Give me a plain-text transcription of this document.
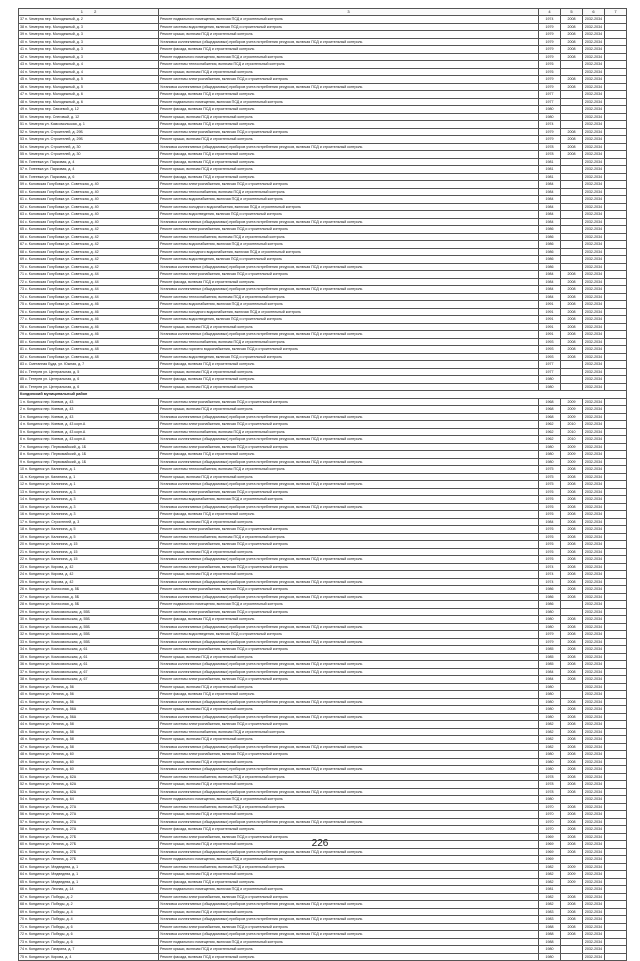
1 2	3	4	5	6	7
37 п. Чемерна пер. Молодежный, д. 2	Ремонт подвального помещения, включая ПСД и строительный контроль	1974	2008	2032-2034	
38 п. Чемерна пер. Молодежный, д. 3	Ремонт системы водоотведения, включая ПСД и строительный контроль	1979	2008	2032-2034	
39 п. Чемерна пер. Молодежный, д. 3	Ремонт крыши, включая ПСД и строительный контроль	1979	2008	2032-2034	
40 п. Чемерна пер. Молодежный, д. 3	Установка коллективных (общедомовых) приборов учета потребления ресурсов, включая ПСД и строительный контроль	1979	2008	2032-2034	
41 п. Чемерна пер. Молодежный, д. 3	Ремонт фасада, включая ПСД и строительный контроль	1979	2008	2032-2034	
42 п. Чемерна пер. Молодежный, д. 3	Ремонт подвального помещения, включая ПСД и строительный контроль	1979	2008	2032-2034	
43 п. Чемерна пер. Молодежный, д. 4	Ремонт системы теплоснабжения, включая ПСД и строительный контроль	1976		2032-2034	
44 п. Чемерна пер. Молодежный, д. 4	Ремонт крыши, включая ПСД и строительный контроль	1976		2032-2034	
45 п. Чемерна пер. Молодежный, д. 5	Ремонт системы электроснабжения, включая ПСД и строительный контроль	1979	2008	2032-2034	
46 п. Чемерна пер. Молодежный, д. 5	Установка коллективных (общедомовых) приборов учета потребления ресурсов, включая ПСД и строительный контроль	1979	2008	2032-2034	
47 п. Чемерна пер. Молодежный, д. 6	Ремонт фасада, включая ПСД и строительный контроль	1977		2032-2034	
48 п. Чемерна пер. Молодежный, д. 6	Ремонт подвального помещения, включая ПСД и строительный контроль	1977		2032-2034	
49 п. Чемерна пер. Связевой, д. 12	Ремонт фасада, включая ПСД и строительный контроль	1980		2032-2034	
50 п. Чемерна пер. Снеговый, д. 12	Ремонт крыши, включая ПСД и строительный контроль	1980		2032-2034	
51 п. Чемерна ул. Комсомольская, д. 1	Ремонт фасада, включая ПСД и строительный контроль	1974		2032-2034	
52 п. Чемерна ул. Строителей, д. 29Б	Ремонт системы электроснабжения, включая ПСД и строительный контроль	1979	2008	2032-2034	
53 п. Чемерна ул. Строителей, д. 29Б	Ремонт крыши, включая ПСД и строительный контроль	1979	2008	2032-2034	
54 п. Чемерна ул. Строителей, д. 30	Установка коллективных (общедомовых) приборов учета потребления ресурсов, включая ПСД и строительный контроль	1978	2008	2032-2034	
55 п. Чемерна ул. Строителей, д. 30	Ремонт фасада, включая ПСД и строительный контроль	1978	2008	2032-2034	
56 п. Гигеевка ул. Парковая, д. 4	Ремонт фасада, включая ПСД и строительный контроль	1981		2032-2034	
57 п. Гигеевка ул. Парковая, д. 4	Ремонт крыши, включая ПСД и строительный контроль	1981		2032-2034	
58 п. Гигеевка ул. Парковая, д. 6	Ремонт фасада, включая ПСД и строительный контроль	1981		2032-2034	
59 с. Коловская Голубовка ул. Советская, д. 40	Ремонт системы электроснабжения, включая ПСД и строительный контроль	1984		2032-2034	
60 с. Коловская Голубовка ул. Советская, д. 40	Ремонт системы теплоснабжения, включая ПСД и строительный контроль	1984		2032-2034	
61 с. Коловская Голубовка ул. Советская, д. 40	Ремонт системы водоснабжения, включая ПСД и строительный контроль	1984		2032-2034	
62 с. Коловская Голубовка ул. Советская, д. 40	Ремонт системы холодного водоснабжения, включая ПСД и строительный контроль	1984		2032-2034	
63 с. Коловская Голубовка ул. Советская, д. 40	Ремонт системы водоотведения, включая ПСД и строительный контроль	1984		2032-2034	
64 с. Коловская Голубовка ул. Советская, д. 40	Установка коллективных (общедомовых) приборов учета потребления ресурсов, включая ПСД и строительный контроль	1984		2032-2034	
65 с. Коловская Голубовка ул. Советская, д. 42	Ремонт системы электроснабжения, включая ПСД и строительный контроль	1986		2032-2034	
66 с. Коловская Голубовка ул. Советская, д. 42	Ремонт системы теплоснабжения, включая ПСД и строительный контроль	1986		2032-2034	
67 с. Коловская Голубовка ул. Советская, д. 42	Ремонт системы водоснабжения, включая ПСД и строительный контроль	1986		2032-2034	
68 с. Коловская Голубовка ул. Советская, д. 42	Ремонт системы холодного водоснабжения, включая ПСД и строительный контроль	1986		2032-2034	
69 с. Коловская Голубовка ул. Советская, д. 42	Ремонт системы водоотведения, включая ПСД и строительный контроль	1986		2032-2034	
70 с. Коловская Голубовка ул. Советская, д. 42	Установка коллективных (общедомовых) приборов учета потребления ресурсов, включая ПСД и строительный контроль	1986		2032-2034	
71 с. Коловская Голубовка ул. Советская, д. 44	Ремонт системы электроснабжения, включая ПСД и строительный контроль	1984	2008	2032-2034	
72 с. Коловская Голубовка ул. Советская, д. 44	Ремонт фасада, включая ПСД и строительный контроль	1984	2008	2032-2034	
73 с. Коловская Голубовка ул. Советская, д. 44	Установка коллективных (общедомовых) приборов учета потребления ресурсов, включая ПСД и строительный контроль	1984	2008	2032-2034	
74 с. Коловская Голубовка ул. Советская, д. 44	Ремонт системы теплоснабжения, включая ПСД и строительный контроль	1984	2008	2032-2034	
75 с. Коловская Голубовка ул. Советская, д. 46	Ремонт системы водоснабжения, включая ПСД и строительный контроль	1991	2008	2032-2034	
76 с. Коловская Голубовка ул. Советская, д. 46	Ремонт системы холодного водоснабжения, включая ПСД и строительный контроль	1991	2008	2032-2034	
77 с. Коловская Голубовка ул. Советская, д. 46	Ремонт системы водоотведения, включая ПСД и строительный контроль	1991	2008	2032-2034	
78 с. Коловская Голубовка ул. Советская, д. 46	Ремонт крыши, включая ПСД и строительный контроль	1991	2008	2032-2034	
79 с. Коловская Голубовка ул. Советская, д. 46	Установка коллективных (общедомовых) приборов учета потребления ресурсов, включая ПСД и строительный контроль	1991	2008	2032-2034	
80 с. Коловская Голубовка ул. Советская, д. 48	Ремонт системы теплоснабжения, включая ПСД и строительный контроль	1993	2008	2032-2034	
81 с. Коловская Голубовка ул. Советская, д. 48	Ремонт системы горячего водоснабжения, включая ПСД и строительный контроль	1993	2008	2032-2034	
82 с. Коловская Голубовка ул. Советская, д. 48	Ремонт системы водоотведения, включая ПСД и строительный контроль	1993	2008	2032-2034	
83 с. Сметанная Буда, ул. Южная, д. 7	Ремонт фасада, включая ПСД и строительный контроль	1977		2032-2034	
84 с. Тетерев ул. Центральная, д. 5	Ремонт крыши, включая ПСД и строительный контроль	1977		2032-2034	
85 с. Тетерев ул. Центральная, д. 6	Ремонт фасада, включая ПСД и строительный контроль	1980		2032-2034	
86 с. Тетерев ул. Центральная, д. 6	Ремонт крыши, включая ПСД и строительный контроль	1980		2032-2034	
Кондинский муниципальный район					
1 п. Кондинск пер. Киевов, д. 43	Ремонт системы электроснабжения, включая ПСД и строительный контроль	1968	2009	2032-2034	
2 п. Кондинск пер. Киевов, д. 43	Ремонт крыши, включая ПСД и строительный контроль	1968	2009	2032-2034	
3 п. Кондинск пер. Киевов, д. 43	Установка коллективных (общедомовых) приборов учета потребления ресурсов, включая ПСД и строительный контроль	1968	2009	2032-2034	
4 п. Кондинск пер. Киевов, д. 43 корп.А	Ремонт системы электроснабжения, включая ПСД и строительный контроль	1962	2010	2032-2034	
5 п. Кондинск пер. Киевов, д. 43 корп.А	Ремонт системы теплоснабжения, включая ПСД и строительный контроль	1962	2010	2032-2034	
6 п. Кондинск пер. Киевов, д. 43 корп.А	Установка коллективных (общедомовых) приборов учета потребления ресурсов, включая ПСД и строительный контроль	1962	2010	2032-2034	
7 п. Кондинск пер. Первомайский, д. 1Б	Ремонт системы электроснабжения, включая ПСД и строительный контроль	1980	2009	2032-2034	
8 п. Кондинск пер. Первомайский, д. 1Б	Ремонт фасада, включая ПСД и строительный контроль	1980	2009	2032-2034	
9 п. Кондинск пер. Первомайский, д. 1Б	Установка коллективных (общедомовых) приборов учета потребления ресурсов, включая ПСД и строительный контроль	1980	2009	2032-2034	
10 п. Кондинск ул. Калинина, д. 1	Ремонт системы теплоснабжения, включая ПСД и строительный контроль	1975	2008	2032-2034	
11 п. Кондинск ул. Калинина, д. 1	Ремонт крыши, включая ПСД и строительный контроль	1975	2008	2032-2034	
12 п. Кондинск ул. Калинина, д. 1	Установка коллективных (общедомовых) приборов учета потребления ресурсов, включая ПСД и строительный контроль	1975	2008	2032-2034	
13 п. Кондинск ул. Калинина, д. 3	Ремонт системы электроснабжения, включая ПСД и строительный контроль	1976	2008	2032-2034	
14 п. Кондинск ул. Калинина, д. 3	Ремонт системы водоснабжения, включая ПСД и строительный контроль	1976	2008	2032-2034	
15 п. Кондинск ул. Калинина, д. 3	Установка коллективных (общедомовых) приборов учета потребления ресурсов, включая ПСД и строительный контроль	1976	2008	2032-2034	
16 п. Кондинск ул. Калинина, д. 3	Ремонт фасада, включая ПСД и строительный контроль	1976	2008	2032-2034	
17 п. Кондинск ул. Строителей, д. 3	Ремонт крыши, включая ПСД и строительный контроль	1984	2008	2032-2034	
18 п. Кондинск ул. Калинина, д. 5	Ремонт системы электроснабжения, включая ПСД и строительный контроль	1976	2008	2032-2034	
19 п. Кондинск ул. Калинина, д. 5	Ремонт системы теплоснабжения, включая ПСД и строительный контроль	1976	2008	2032-2034	
20 п. Кондинск ул. Калинина, д. 15	Ремонт системы электроснабжения, включая ПСД и строительный контроль	1976	2008	2032-2034	
21 п. Кондинск ул. Калинина, д. 15	Ремонт крыши, включая ПСД и строительный контроль	1976	2008	2032-2034	
22 п. Кондинск ул. Калинина, д. 15	Установка коллективных (общедомовых) приборов учета потребления ресурсов, включая ПСД и строительный контроль	1976	2008	2032-2034	
23 п. Кондинск ул. Кирова, д. 42	Ремонт системы электроснабжения, включая ПСД и строительный контроль	1974	2008	2032-2034	
24 п. Кондинск ул. Кирова, д. 42	Ремонт крыши, включая ПСД и строительный контроль	1974	2008	2032-2034	
25 п. Кондинск ул. Кирова, д. 42	Установка коллективных (общедомовых) приборов учета потребления ресурсов, включая ПСД и строительный контроль	1974	2008	2032-2034	
26 п. Кондинск ул. Колхозная, д. 5Б	Ремонт системы электроснабжения, включая ПСД и строительный контроль	1986	2008	2032-2034	
27 п. Кондинск ул. Колхозная, д. 5Б	Установка коллективных (общедомовых) приборов учета потребления ресурсов, включая ПСД и строительный контроль	1986	2008	2032-2034	
28 п. Кондинск ул. Колхозная, д. 5Б	Ремонт подвального помещения, включая ПСД и строительный контроль	1986		2032-2034	
29 п. Кондинск ул. Комсомольская, д. 55Б	Ремонт системы электроснабжения, включая ПСД и строительный контроль	1980		2032-2034	
30 п. Кондинск ул. Комсомольская, д. 55Б	Ремонт фасада, включая ПСД и строительный контроль	1980	2008	2032-2034	
31 п. Кондинск ул. Комсомольская, д. 55Б	Установка коллективных (общедомовых) приборов учета потребления ресурсов, включая ПСД и строительный контроль	1980	2008	2032-2034	
32 п. Кондинск ул. Комсомольская, д. 55Б	Ремонт системы водоотведения, включая ПСД и строительный контроль	1979	2008	2032-2034	
33 п. Кондинск ул. Комсомольская, д. 55Б	Установка коллективных (общедомовых) приборов учета потребления ресурсов, включая ПСД и строительный контроль	1979	2008	2032-2034	
34 п. Кондинск ул. Комсомольская, д. 61	Ремонт системы электроснабжения, включая ПСД и строительный контроль	1985	2008	2032-2034	
35 п. Кондинск ул. Комсомольская, д. 61	Ремонт крыши, включая ПСД и строительный контроль	1985	2008	2032-2034	
36 п. Кондинск ул. Комсомольская, д. 61	Установка коллективных (общедомовых) приборов учета потребления ресурсов, включая ПСД и строительный контроль	1985	2008	2032-2034	
37 п. Кондинск ул. Комсомольская, д. 67	Установка коллективных (общедомовых) приборов учета потребления ресурсов, включая ПСД и строительный контроль	1984	2008	2032-2034	
38 п. Кондинск ул. Комсомольская, д. 67	Ремонт системы электроснабжения, включая ПСД и строительный контроль	1984	2008	2032-2034	
39 п. Кондинск ул. Ленина, д. 56	Ремонт крыши, включая ПСД и строительный контроль	1980		2032-2034	
40 п. Кондинск ул. Ленина, д. 56	Ремонт фасада, включая ПСД и строительный контроль	1980		2032-2034	
41 п. Кондинск ул. Ленина, д. 56	Установка коллективных (общедомовых) приборов учета потребления ресурсов, включая ПСД и строительный контроль	1980	2008	2032-2034	
42 п. Кондинск ул. Ленина, д. 56А	Ремонт крыши, включая ПСД и строительный контроль	1980	2008	2032-2034	
43 п. Кондинск ул. Ленина, д. 56А	Установка коллективных (общедомовых) приборов учета потребления ресурсов, включая ПСД и строительный контроль	1980	2008	2032-2034	
44 п. Кондинск ул. Ленина, д. 58	Ремонт системы электроснабжения, включая ПСД и строительный контроль	1982	2008	2032-2034	
45 п. Кондинск ул. Ленина, д. 58	Ремонт системы теплоснабжения, включая ПСД и строительный контроль	1982	2008	2032-2034	
46 п. Кондинск ул. Ленина, д. 58	Ремонт крыши, включая ПСД и строительный контроль	1982	2008	2032-2034	
47 п. Кондинск ул. Ленина, д. 58	Установка коллективных (общедомовых) приборов учета потребления ресурсов, включая ПСД и строительный контроль	1982	2008	2032-2034	
48 п. Кондинск ул. Ленина, д. 60	Ремонт системы электроснабжения, включая ПСД и строительный контроль	1980	2008	2032-2034	
49 п. Кондинск ул. Ленина, д. 60	Ремонт крыши, включая ПСД и строительный контроль	1980	2008	2032-2034	
50 п. Кондинск ул. Ленина, д. 60	Установка коллективных (общедомовых) приборов учета потребления ресурсов, включая ПСД и строительный контроль	1980	2008	2032-2034	
51 п. Кондинск ул. Ленина, д. 62А	Ремонт системы теплоснабжения, включая ПСД и строительный контроль	1978	2008	2032-2034	
52 п. Кондинск ул. Ленина, д. 62А	Ремонт крыши, включая ПСД и строительный контроль	1978	2008	2032-2034	
53 п. Кондинск ул. Ленина, д. 62А	Установка коллективных (общедомовых) приборов учета потребления ресурсов, включая ПСД и строительный контроль	1978	2008	2032-2034	
54 п. Кондинск ул. Ленина, д. 64	Ремонт подвального помещения, включая ПСД и строительный контроль	1980		2032-2034	
55 п. Кондинск ул. Ленина, д. 27А	Ремонт системы теплоснабжения, включая ПСД и строительный контроль	1970	2008	2032-2034	
56 п. Кондинск ул. Ленина, д. 27А	Ремонт крыши, включая ПСД и строительный контроль	1970	2008	2032-2034	
57 п. Кондинск ул. Ленина, д. 27А	Установка коллективных (общедомовых) приборов учета потребления ресурсов, включая ПСД и строительный контроль	1970	2008	2032-2034	
58 п. Кондинск ул. Ленина, д. 27А	Ремонт фасада, включая ПСД и строительный контроль	1970	2008	2032-2034	
59 п. Кондинск ул. Ленина, д. 27Б	Ремонт системы электроснабжения, включая ПСД и строительный контроль	1969	2008	2032-2034	
60 п. Кондинск ул. Ленина, д. 27Б	Ремонт крыши, включая ПСД и строительный контроль	1969	2008	2032-2034	
61 п. Кондинск ул. Ленина, д. 27Б	Установка коллективных (общедомовых) приборов учета потребления ресурсов, включая ПСД и строительный контроль	1969	2008	2032-2034	
62 п. Кондинск ул. Ленина, д. 27Б	Ремонт подвального помещения, включая ПСД и строительный контроль	1969		2032-2034	
63 п. Кондинск ул. Медведева, д. 1	Ремонт системы теплоснабжения, включая ПСД и строительный контроль	1982	2009	2032-2034	
64 п. Кондинск ул. Медведева, д. 1	Ремонт крыши, включая ПСД и строительный контроль	1982	2009	2032-2034	
65 п. Кондинск ул. Медведева, д. 1	Ремонт фасада, включая ПСД и строительный контроль	1982	2009	2032-2034	
66 п. Кондинск ул. Лесная, д. 14	Ремонт подвального помещения, включая ПСД и строительный контроль	1981		2032-2034	
67 п. Кондинск ул. Победы, д. 2	Ремонт системы электроснабжения, включая ПСД и строительный контроль	1982	2008	2032-2034	
68 п. Кондинск ул. Победы, д. 2	Установка коллективных (общедомовых) приборов учета потребления ресурсов, включая ПСД и строительный контроль	1982	2008	2032-2034	
69 п. Кондинск ул. Победы, д. 4	Ремонт крыши, включая ПСД и строительный контроль	1983	2008	2032-2034	
70 п. Кондинск ул. Победы, д. 4	Установка коллективных (общедомовых) приборов учета потребления ресурсов, включая ПСД и строительный контроль	1983	2008	2032-2034	
71 п. Кондинск ул. Победы, д. 6	Ремонт системы электроснабжения, включая ПСД и строительный контроль	1988	2008	2032-2034	
72 п. Кондинск ул. Победы, д. 6	Установка коллективных (общедомовых) приборов учета потребления ресурсов, включая ПСД и строительный контроль	1988	2008	2032-2034	
73 п. Кондинск ул. Победы, д. 6	Ремонт подвального помещения, включая ПСД и строительный контроль	1988		2032-2034	
74 п. Кондинск ул. Гагарина, д. 7	Ремонт крыши, включая ПСД и строительный контроль	1980		2032-2034	
75 п. Кондинск ул. Кирова, д. 4	Ремонт фасада, включая ПСД и строительный контроль	1980		2032-2034	
226
